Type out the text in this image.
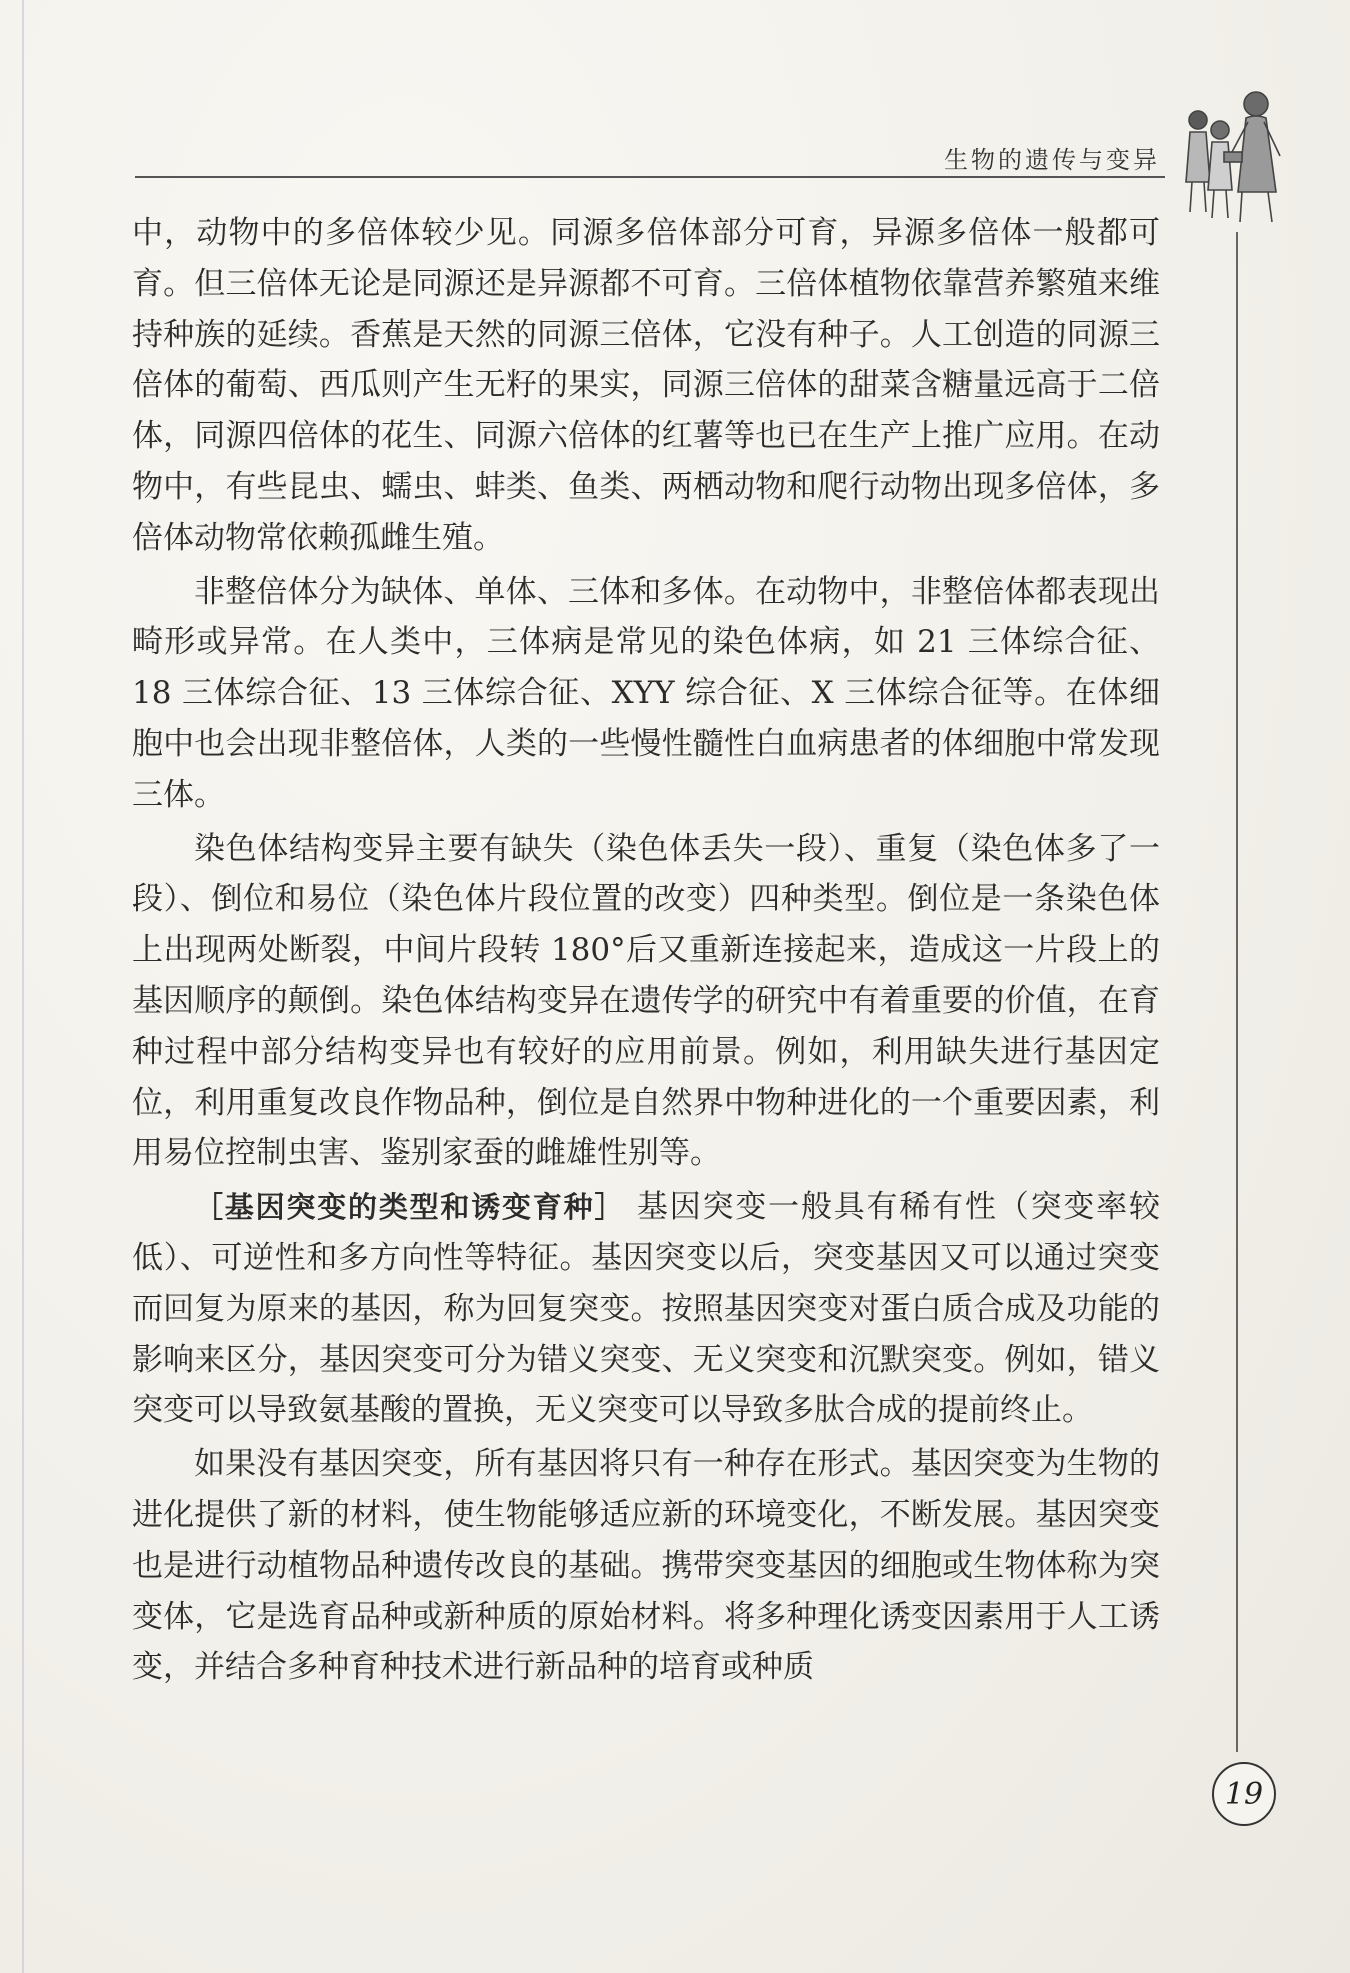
生物的遗传与变异

中，动物中的多倍体较少见。同源多倍体部分可育，异源多倍体一般都可育。但三倍体无论是同源还是异源都不可育。三倍体植物依靠营养繁殖来维持种族的延续。香蕉是天然的同源三倍体，它没有种子。人工创造的同源三倍体的葡萄、西瓜则产生无籽的果实，同源三倍体的甜菜含糖量远高于二倍体，同源四倍体的花生、同源六倍体的红薯等也已在生产上推广应用。在动物中，有些昆虫、蠕虫、蚌类、鱼类、两栖动物和爬行动物出现多倍体，多倍体动物常依赖孤雌生殖。

非整倍体分为缺体、单体、三体和多体。在动物中，非整倍体都表现出畸形或异常。在人类中，三体病是常见的染色体病，如 21 三体综合征、18 三体综合征、13 三体综合征、XYY 综合征、X 三体综合征等。在体细胞中也会出现非整倍体，人类的一些慢性髓性白血病患者的体细胞中常发现三体。

染色体结构变异主要有缺失（染色体丢失一段）、重复（染色体多了一段）、倒位和易位（染色体片段位置的改变）四种类型。倒位是一条染色体上出现两处断裂，中间片段转 180°后又重新连接起来，造成这一片段上的基因顺序的颠倒。染色体结构变异在遗传学的研究中有着重要的价值，在育种过程中部分结构变异也有较好的应用前景。例如，利用缺失进行基因定位，利用重复改良作物品种，倒位是自然界中物种进化的一个重要因素，利用易位控制虫害、鉴别家蚕的雌雄性别等。

［基因突变的类型和诱变育种］ 基因突变一般具有稀有性（突变率较低）、可逆性和多方向性等特征。基因突变以后，突变基因又可以通过突变而回复为原来的基因，称为回复突变。按照基因突变对蛋白质合成及功能的影响来区分，基因突变可分为错义突变、无义突变和沉默突变。例如，错义突变可以导致氨基酸的置换，无义突变可以导致多肽合成的提前终止。

如果没有基因突变，所有基因将只有一种存在形式。基因突变为生物的进化提供了新的材料，使生物能够适应新的环境变化，不断发展。基因突变也是进行动植物品种遗传改良的基础。携带突变基因的细胞或生物体称为突变体，它是选育品种或新种质的原始材料。将多种理化诱变因素用于人工诱变，并结合多种育种技术进行新品种的培育或种质

19
